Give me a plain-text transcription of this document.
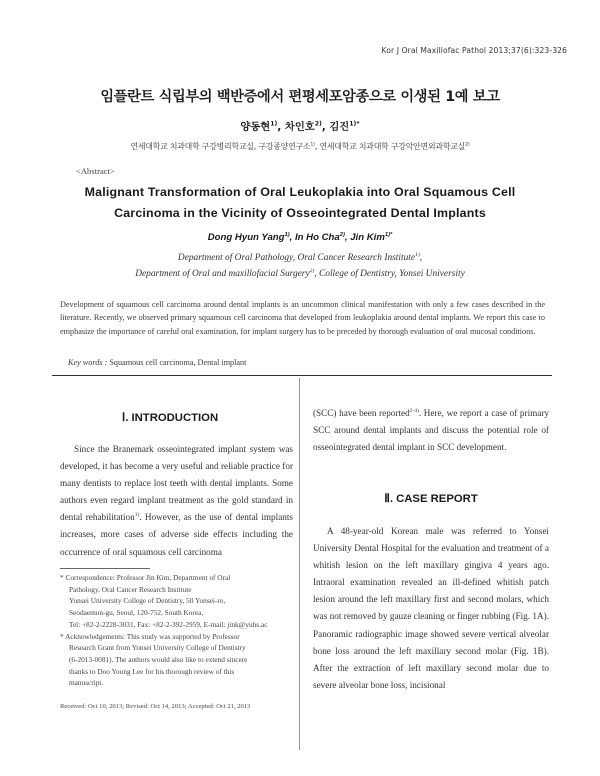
Kor J Oral Maxillofac Pathol 2013;37(6):323-326
임플란트 식립부의 백반증에서 편평세포암종으로 이생된 1예 보고
양동현$^{1)}$, 차인호$^{2)}$, 김진$^{1)*}$
연세대학교 치과대학 구강병리학교실, 구강종양연구소$^{1)}$, 연세대학교 치과대학 구강악안면외과학교실$^{2)}$
<Abstract>
Malignant Transformation of Oral Leukoplakia into Oral Squamous Cell
Carcinoma in the Vicinity of Osseointegrated Dental Implants
Dong Hyun Yang$^{1)}$, In Ho Cha$^{2)}$, Jin Kim$^{1)*}$
Department of Oral Pathology, Oral Cancer Research Institute$^{1)}$,
Department of Oral and maxillofacial Surgery$^{2)}$, College of Dentistry, Yonsei University
Development of squamous cell carcinoma around dental implants is an uncommon clinical manifestation with only a few cases described in the literature. Recently, we observed primary squamous cell carcinoma that developed from leukoplakia around dental implants. We report this case to emphasize the importance of careful oral examination, for implant surgery has to be preceded by thorough evaluation of oral mucosal conditions.
Key words : Squamous cell carcinoma, Dental implant
Ⅰ. INTRODUCTION

Since the Branemark osseointegrated implant system was developed, it has become a very useful and reliable practice for many dentists to replace lost teeth with dental implants. Some authors even regard implant treatment as the gold standard in dental rehabilitation$^{1)}$. However, as the use of dental implants increases, more cases of adverse side effects including the occurrence of oral squamous cell carcinoma

(SCC) have been reported$^{2-4)}$. Here, we report a case of primary SCC around dental implants and discuss the potential role of osseointegrated dental implant in SCC development.

Ⅱ. CASE REPORT

A 48-year-old Korean male was referred to Yonsei University Dental Hospital for the evaluation and treatment of a whitish lesion on the left maxillary gingiva 4 years ago. Intraoral examination revealed an ill-defined whitish patch lesion around the left maxillary first and second molars, which was not removed by gauze cleaning or finger rubbing (Fig. 1A). Panoramic radiographic image showed severe vertical alveolar bone loss around the left maxillary second molar (Fig. 1B). After the extraction of left maxillary second molar due to severe alveolar bone loss, incisional

* Correspondence: Professor Jin Kim, Department of Oral

Pathology, Oral Cancer Research Institute

Yonsei University College of Dentistry, 50 Yonsei-ro,

Seodaemun-gu, Seoul, 120-752, South Korea,

Tel: +82-2-2228-3031, Fax: +82-2-392-2959, E-mail: jink@yuhs.ac

* Acknowledgements: This study was supported by Professor

Research Grant from Yonsei University College of Dentistry

(6-2013-0081). The authors would also like to extend sincere

thanks to Doo Young Lee for his thorough review of this

manuscript.

Received: Oct 10, 2013; Revised: Oct 14, 2013; Accepted: Oct 21, 2013
